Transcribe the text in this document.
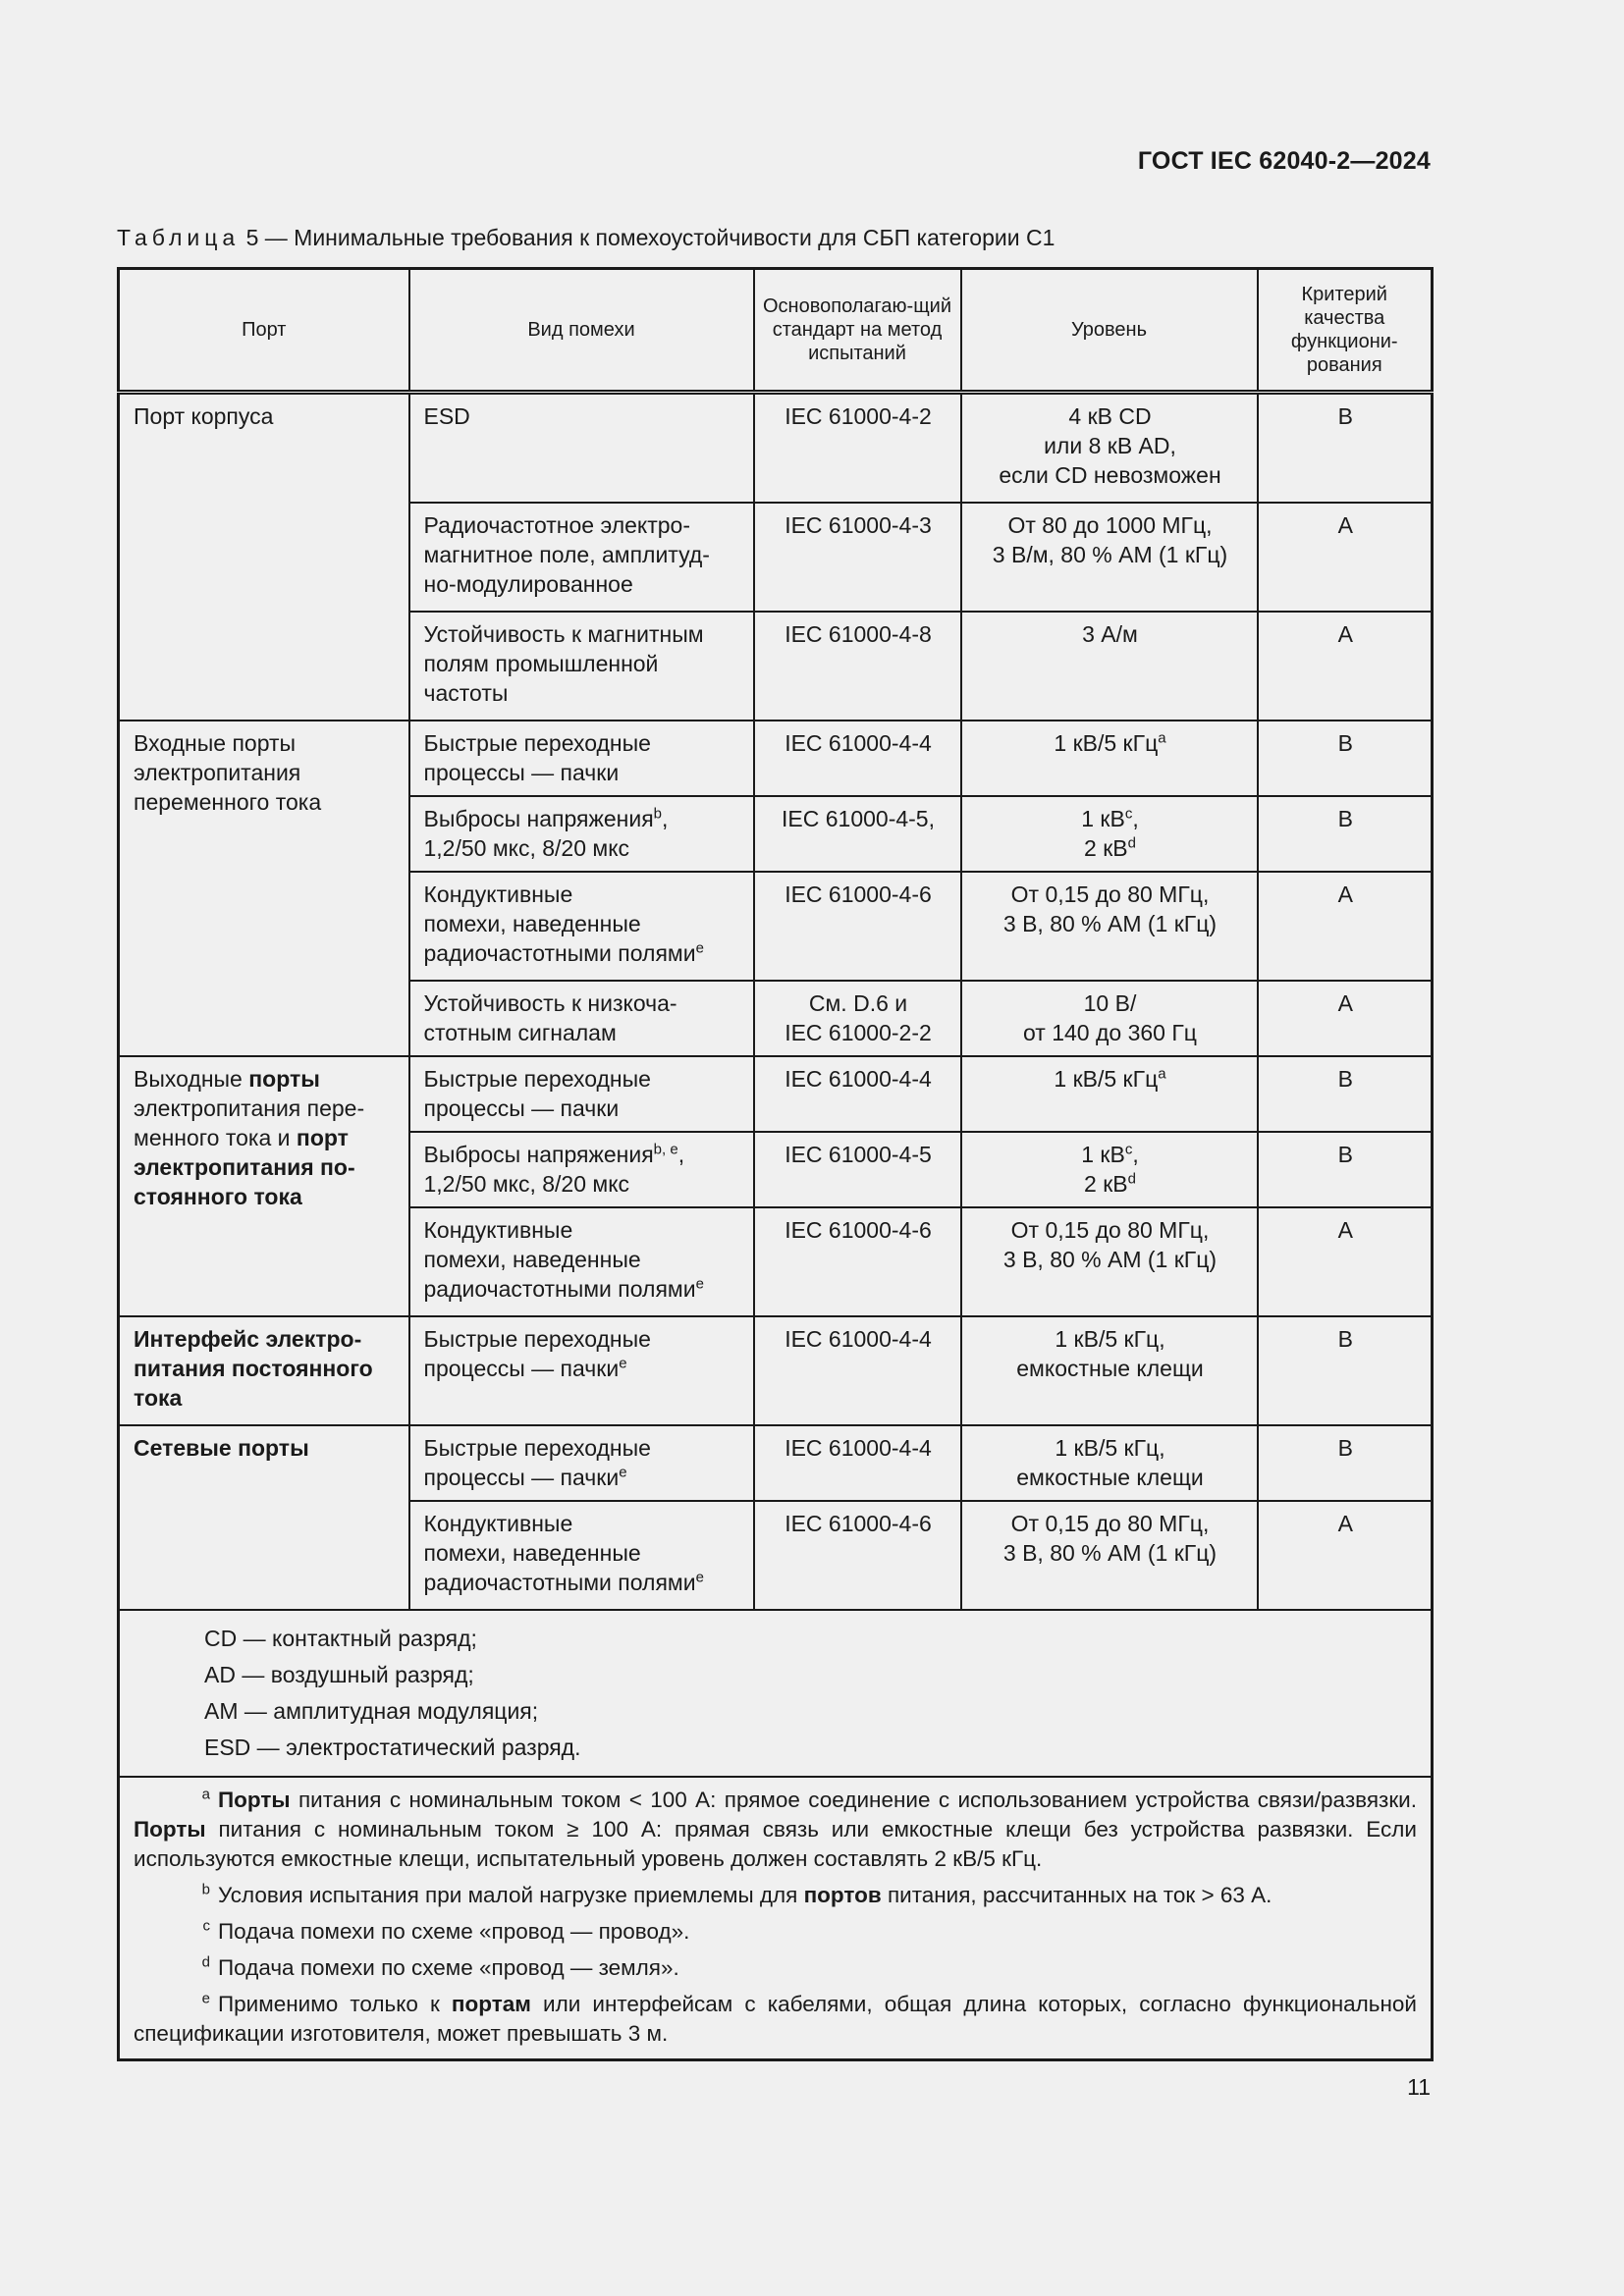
ГОСТ IEC 62040-2—2024
Таблица 5 — Минимальные требования к помехоустойчивости для СБП категории С1
Порт	Вид помехи	Основополагаю-щий стандарт на метод испытаний	Уровень	Критерий качества функциони-рования
Порт корпуса	ESD	IEC 61000-4-2	4 кВ CD
или 8 кВ AD,
если CD невозможен	B
	Радиочастотное электро-
магнитное поле, амплитуд-
но-модулированное	IEC 61000-4-3	От 80 до 1000 МГц,
3 В/м, 80 % AM (1 кГц)	A
	Устойчивость к магнитным
полям промышленной
частоты	IEC 61000-4-8	3 А/м	A
Входные порты
электропитания
переменного тока	Быстрые переходные
процессы — пачки	IEC 61000-4-4	1 кВ/5 кГц$^a$	B
	Выбросы напряжения$^b$,
1,2/50 мкс, 8/20 мкс	IEC 61000-4-5,	1 $кВ^c$,
2 $кВ^d$	B
	Кондуктивные
помехи, наведенные
радиочастотными полями$^e$	IEC 61000-4-6	От 0,15 до 80 МГц,
3 В, 80 % AM (1 кГц)	A
	Устойчивость к низкоча-
стотным сигналам	См. D.6 и
IEC 61000-2-2	10 В/
от 140 до 360 Гц	A
Выходные порты
электропитания пере-
менного тока и порт
электропитания по-
стоянного тока	Быстрые переходные
процессы — пачки	IEC 61000-4-4	1 кВ/5 кГц$^a$	B
	Выбросы напряжения$^{b, e}$,
1,2/50 мкс, 8/20 мкс	IEC 61000-4-5	1 $кВ^c$,
2 $кВ^d$	B
	Кондуктивные
помехи, наведенные
радиочастотными полями$^e$	IEC 61000-4-6	От 0,15 до 80 МГц,
3 В, 80 % AM (1 кГц)	A
Интерфейс электро-
питания постоянного
тока	Быстрые переходные
процессы — пачки$^e$	IEC 61000-4-4	1 кВ/5 кГц,
емкостные клещи	B
Сетевые порты	Быстрые переходные
процессы — пачки$^e$	IEC 61000-4-4	1 кВ/5 кГц,
емкостные клещи	B
	Кондуктивные
помехи, наведенные
радиочастотными полями$^e$	IEC 61000-4-6	От 0,15 до 80 МГц,
3 В, 80 % AM (1 кГц)	A

CD — контактный разряд;
AD — воздушный разряд;
AM — амплитудная модуляция;
ESD — электростатический разряд.				

$^a$ Порты питания с номинальным током < 100 А: прямое соединение с использованием устройства связи/развязки. Порты питания с номинальным током ≥ 100 А: прямая связь или емкостные клещи без устройства развязки. Если используются емкостные клещи, испытательный уровень должен составлять 2 кВ/5 кГц.

$^b$ Условия испытания при малой нагрузке приемлемы для портов питания, рассчитанных на ток > 63 А.

$^c$ Подача помехи по схеме «провод — провод».

$^d$ Подача помехи по схеме «провод — земля».

$^e$ Применимо только к портам или интерфейсам с кабелями, общая длина которых, согласно функциональной спецификации изготовителя, может превышать 3 м.				

11
